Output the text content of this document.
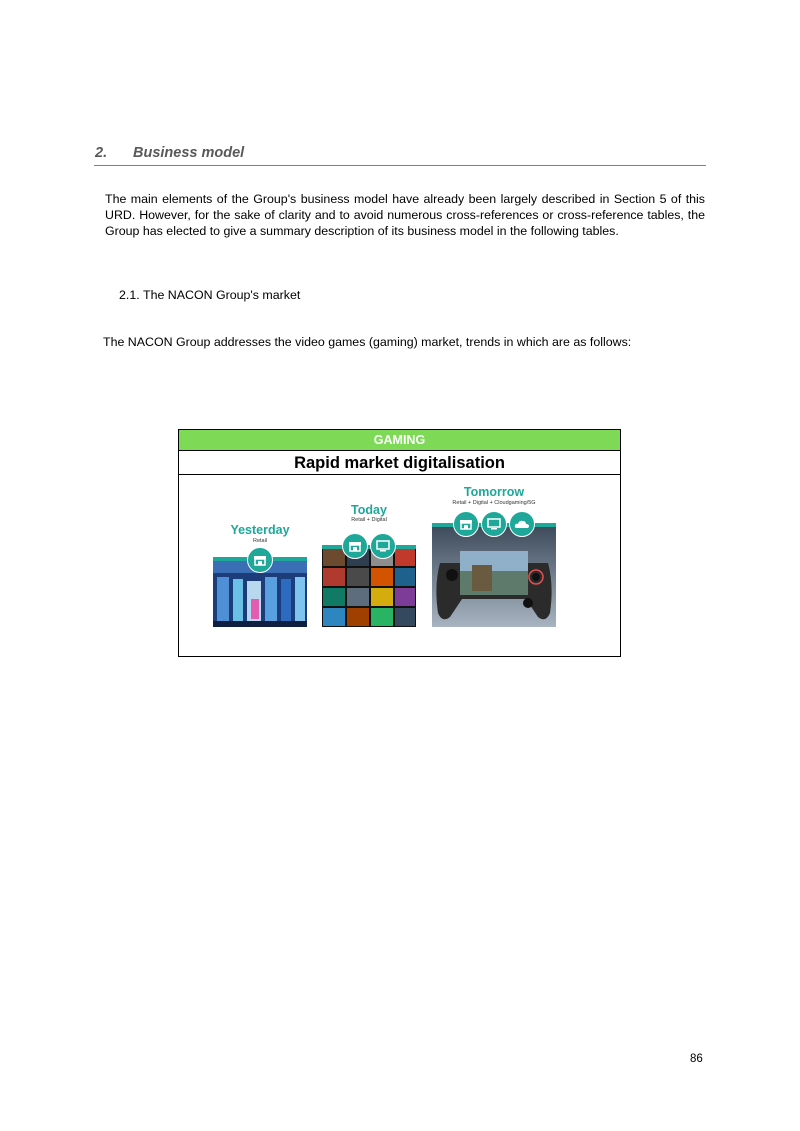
2. Business model

The main elements of the Group's business model have already been largely described in Section 5 of this URD. However, for the sake of clarity and to avoid numerous cross-references or cross-reference tables, the Group has elected to give a summary description of its business model in the following tables.

2.1. The NACON Group's market
The NACON Group addresses the video games (gaming) market, trends in which are as follows:
GAMING
Rapid market digitalisation
Yesterday
Retail
Today
Retail + Digital
Tomorrow
Retail + Digital + Cloudgaming/5G
86
